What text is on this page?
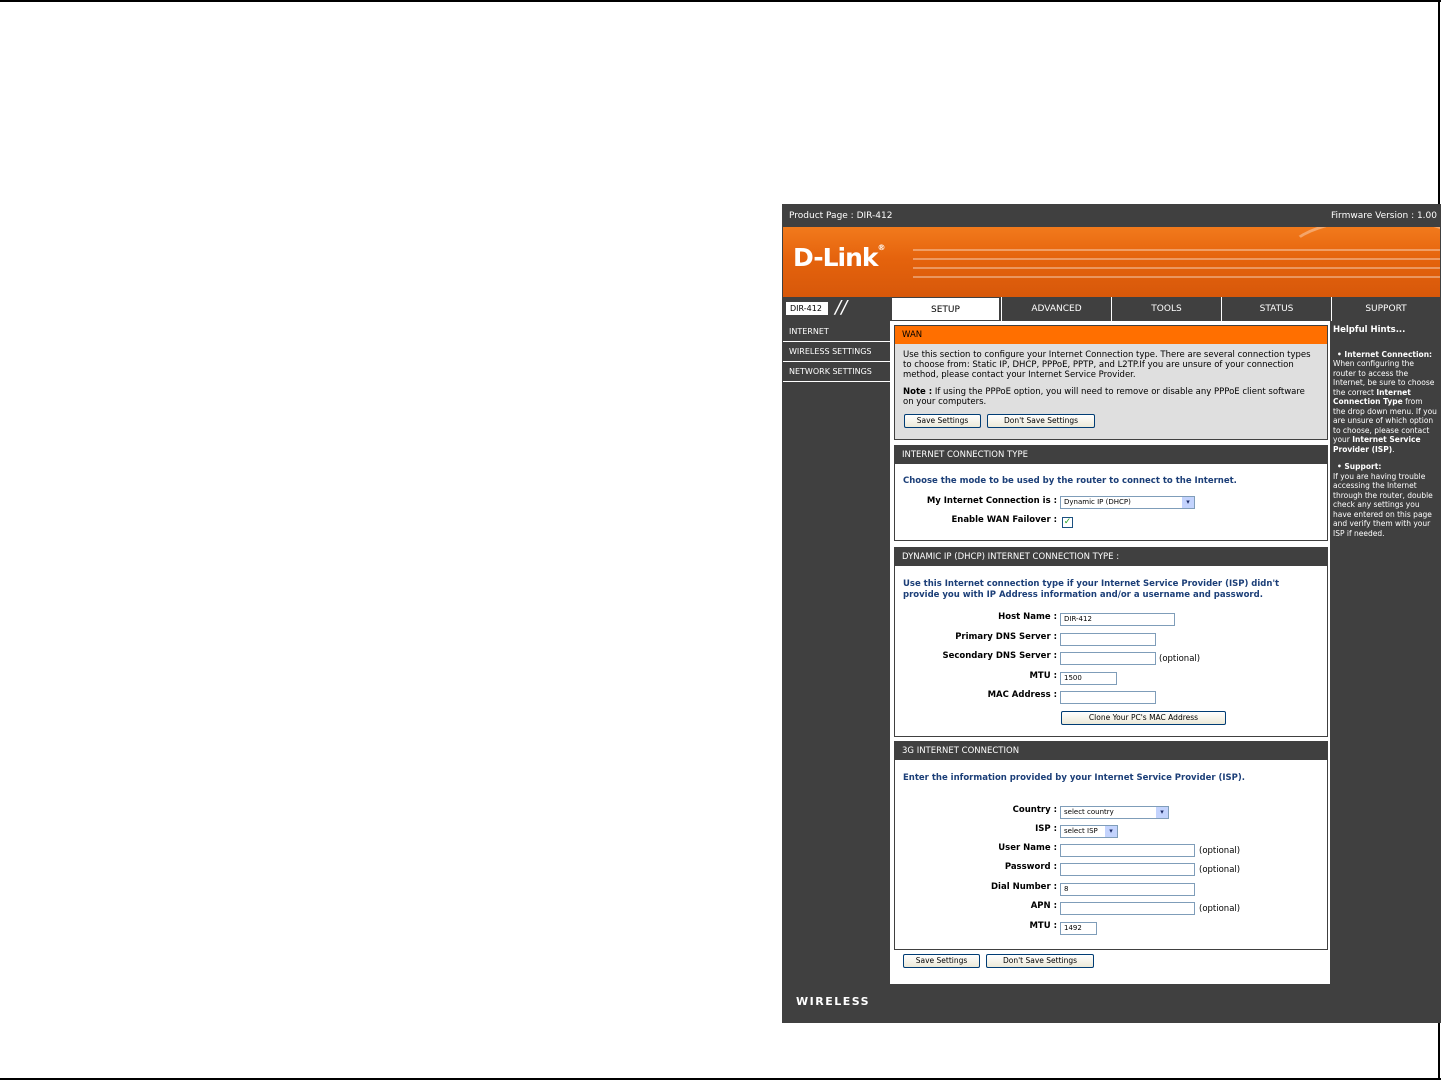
Product Page : DIR-412	Firmware Version : 1.00
D-Link®
DIR-412 //	SETUP	ADVANCED	TOOLS	STATUS	SUPPORT
INTERNET
WIRELESS SETTINGS
NETWORK SETTINGS
WAN
Use this section to configure your Internet Connection type. There are several connection types
to choose from: Static IP, DHCP, PPPoE, PPTP, and L2TP.If you are unsure of your connection
method, please contact your Internet Service Provider.
Note : If using the PPPoE option, you will need to remove or disable any PPPoE client software
on your computers.
Save Settings	Don't Save Settings
INTERNET CONNECTION TYPE
Choose the mode to be used by the router to connect to the Internet.
My Internet Connection is :	Dynamic IP (DHCP)	▾
Enable WAN Failover : ✓
DYNAMIC IP (DHCP) INTERNET CONNECTION TYPE :
Use this Internet connection type if your Internet Service Provider (ISP) didn't
provide you with IP Address information and/or a username and password.
Host Name :	DIR-412
Primary DNS Server :
Secondary DNS Server :	(optional)
MTU :	1500
MAC Address :
Clone Your PC's MAC Address
3G INTERNET CONNECTION
Enter the information provided by your Internet Service Provider (ISP).
Country :	select country	▾
ISP :	select ISP	▾
User Name :	(optional)
Password :	(optional)
Dial Number :	8
APN :	(optional)
MTU :	1492
Save Settings	Don't Save Settings
Helpful Hints...
• Internet Connection:
When configuring the router to access the Internet, be sure to choose the correct Internet Connection Type from the drop down menu. If you are unsure of which option to choose, please contact your Internet Service Provider (ISP).
• Support:
If you are having trouble accessing the Internet through the router, double check any settings you have entered on this page and verify them with your ISP if needed.
WIRELESS
